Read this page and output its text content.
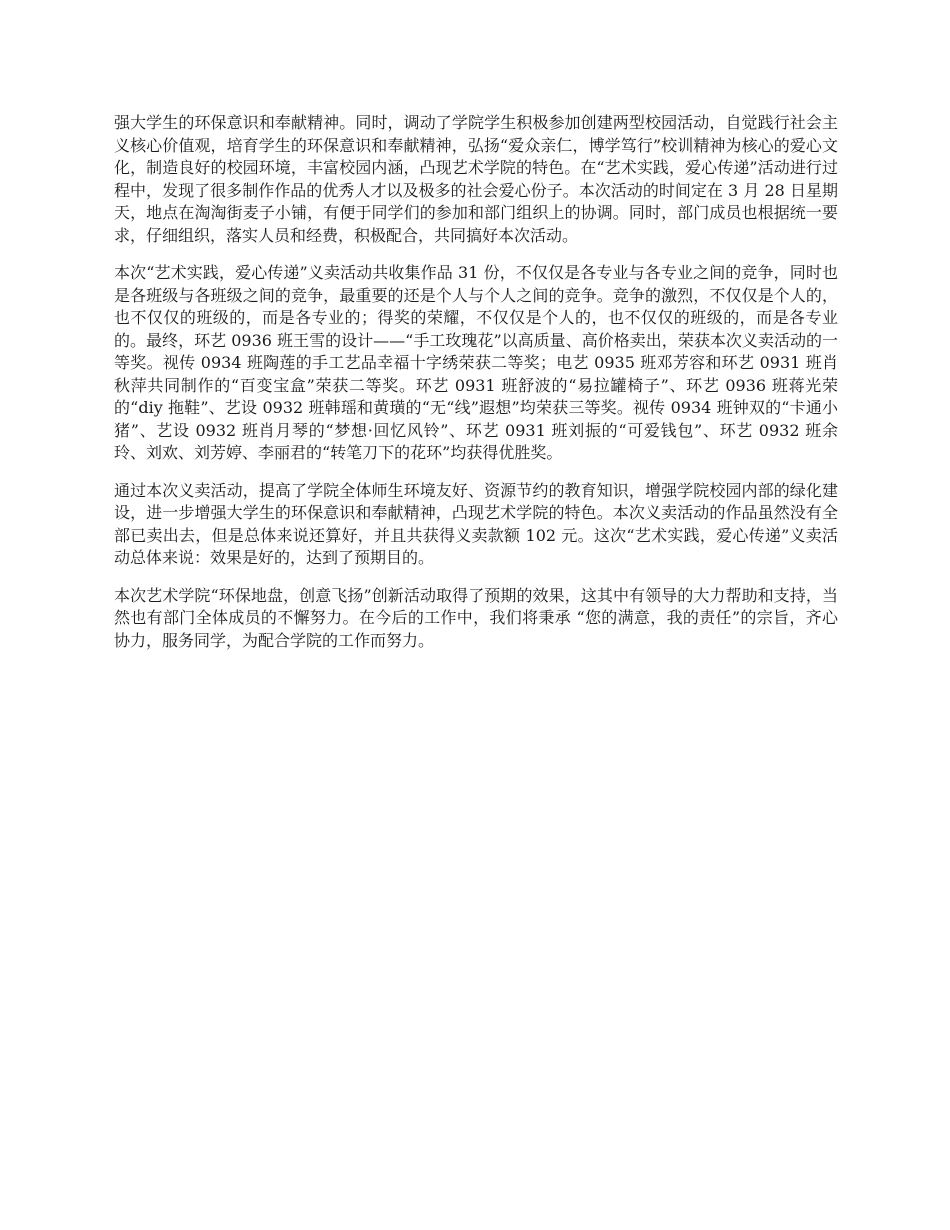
强大学生的环保意识和奉献精神。同时，调动了学院学生积极参加创建两型校园活动，自觉践行社会主义核心价值观，培育学生的环保意识和奉献精神，弘扬“爱众亲仁，博学笃行”校训精神为核心的爱心文化，制造良好的校园环境，丰富校园内涵，凸现艺术学院的特色。在“艺术实践，爱心传递”活动进行过程中，发现了很多制作作品的优秀人才以及极多的社会爱心份子。本次活动的时间定在 3 月 28 日星期天，地点在淘淘街麦子小铺，有便于同学们的参加和部门组织上的协调。同时，部门成员也根据统一要求，仔细组织，落实人员和经费，积极配合，共同搞好本次活动。

本次“艺术实践，爱心传递”义卖活动共收集作品 31 份，不仅仅是各专业与各专业之间的竞争，同时也是各班级与各班级之间的竞争，最重要的还是个人与个人之间的竞争。竞争的激烈，不仅仅是个人的，也不仅仅的班级的，而是各专业的；得奖的荣耀，不仅仅是个人的，也不仅仅的班级的，而是各专业的。最终，环艺 0936 班王雪的设计——“手工玫瑰花”以高质量、高价格卖出，荣获本次义卖活动的一等奖。视传 0934 班陶莲的手工艺品幸福十字绣荣获二等奖；电艺 0935 班邓芳容和环艺 0931 班肖秋萍共同制作的“百变宝盒”荣获二等奖。环艺 0931 班舒波的“易拉罐椅子”、环艺 0936 班蒋光荣的“diy 拖鞋”、艺设 0932 班韩瑶和黄璜的“无“线”遐想”均荣获三等奖。视传 0934 班钟双的“卡通小猪”、艺设 0932 班肖月琴的“梦想·回忆风铃”、环艺 0931 班刘振的“可爱钱包”、环艺 0932 班余玲、刘欢、刘芳婷、李丽君的“转笔刀下的花环”均获得优胜奖。

通过本次义卖活动，提高了学院全体师生环境友好、资源节约的教育知识，增强学院校园内部的绿化建设，进一步增强大学生的环保意识和奉献精神，凸现艺术学院的特色。本次义卖活动的作品虽然没有全部已卖出去，但是总体来说还算好，并且共获得义卖款额 102 元。这次“艺术实践，爱心传递”义卖活动总体来说：效果是好的，达到了预期目的。

本次艺术学院“环保地盘，创意飞扬”创新活动取得了预期的效果，这其中有领导的大力帮助和支持，当然也有部门全体成员的不懈努力。在今后的工作中，我们将秉承 “您的满意，我的责任”的宗旨，齐心协力，服务同学，为配合学院的工作而努力。
